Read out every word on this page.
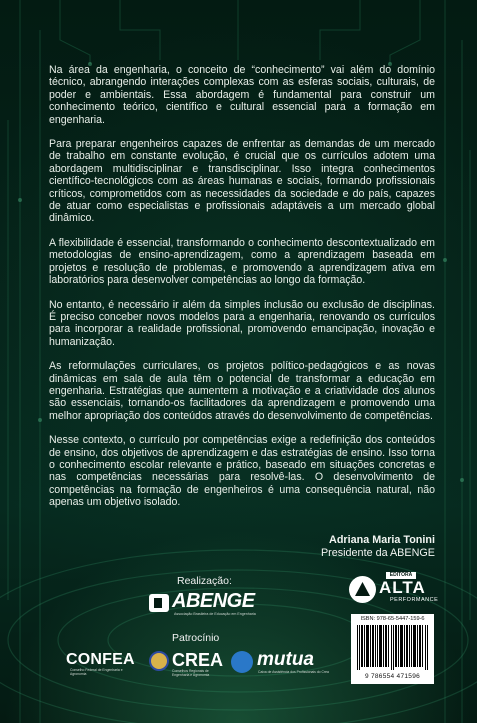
Na área da engenharia, o conceito de “conhecimento” vai além do domínio técnico, abrangendo interações complexas com as esferas sociais, culturais, de poder e ambientais. Essa abordagem é fundamental para construir um conhecimento teórico, científico e cultural essencial para a formação em engenharia.

Para preparar engenheiros capazes de enfrentar as demandas de um mercado de trabalho em constante evolução, é crucial que os currículos adotem uma abordagem multidisciplinar e transdisciplinar. Isso integra conhecimentos científico-tecnológicos com as áreas humanas e sociais, formando profissionais críticos, comprometidos com as necessidades da sociedade e do país, capazes de atuar como especialistas e profissionais adaptáveis a um mercado global dinâmico.

A flexibilidade é essencial, transformando o conhecimento descontextualizado em metodologias de ensino-aprendizagem, como a aprendizagem baseada em projetos e resolução de problemas, e promovendo a aprendizagem ativa em laboratórios para desenvolver competências ao longo da formação.

No entanto, é necessário ir além da simples inclusão ou exclusão de disciplinas. É preciso conceber novos modelos para a engenharia, renovando os currículos para incorporar a realidade profissional, promovendo emancipação, inovação e humanização.

As reformulações curriculares, os projetos político-pedagógicos e as novas dinâmicas em sala de aula têm o potencial de transformar a educação em engenharia. Estratégias que aumentem a motivação e a criatividade dos alunos são essenciais, tornando-os facilitadores da aprendizagem e promovendo uma melhor apropriação dos conteúdos através do desenvolvimento de competências.

Nesse contexto, o currículo por competências exige a redefinição dos conteúdos de ensino, dos objetivos de aprendizagem e das estratégias de ensino. Isso torna o conhecimento escolar relevante e prático, baseado em situações concretas e nas competências necessárias para resolvê-las. O desenvolvimento de competências na formação de engenheiros é uma consequência natural, não apenas um objetivo isolado.

Adriana Maria Tonini
Presidente da ABENGE
Realização:
ABENGE
Associação Brasileira de Educação em Engenharia
EDITORA
ALTA
PERFORMANCE
ISBN: 978-65-5447-159-6
9 786554 471596
Patrocínio
CONFEA
Conselho Federal de Engenharia e Agronomia
CREA
Conselhos Regionais de Engenharia e Agronomia
mutua
Caixa de Assistência dos Profissionais do Crea
